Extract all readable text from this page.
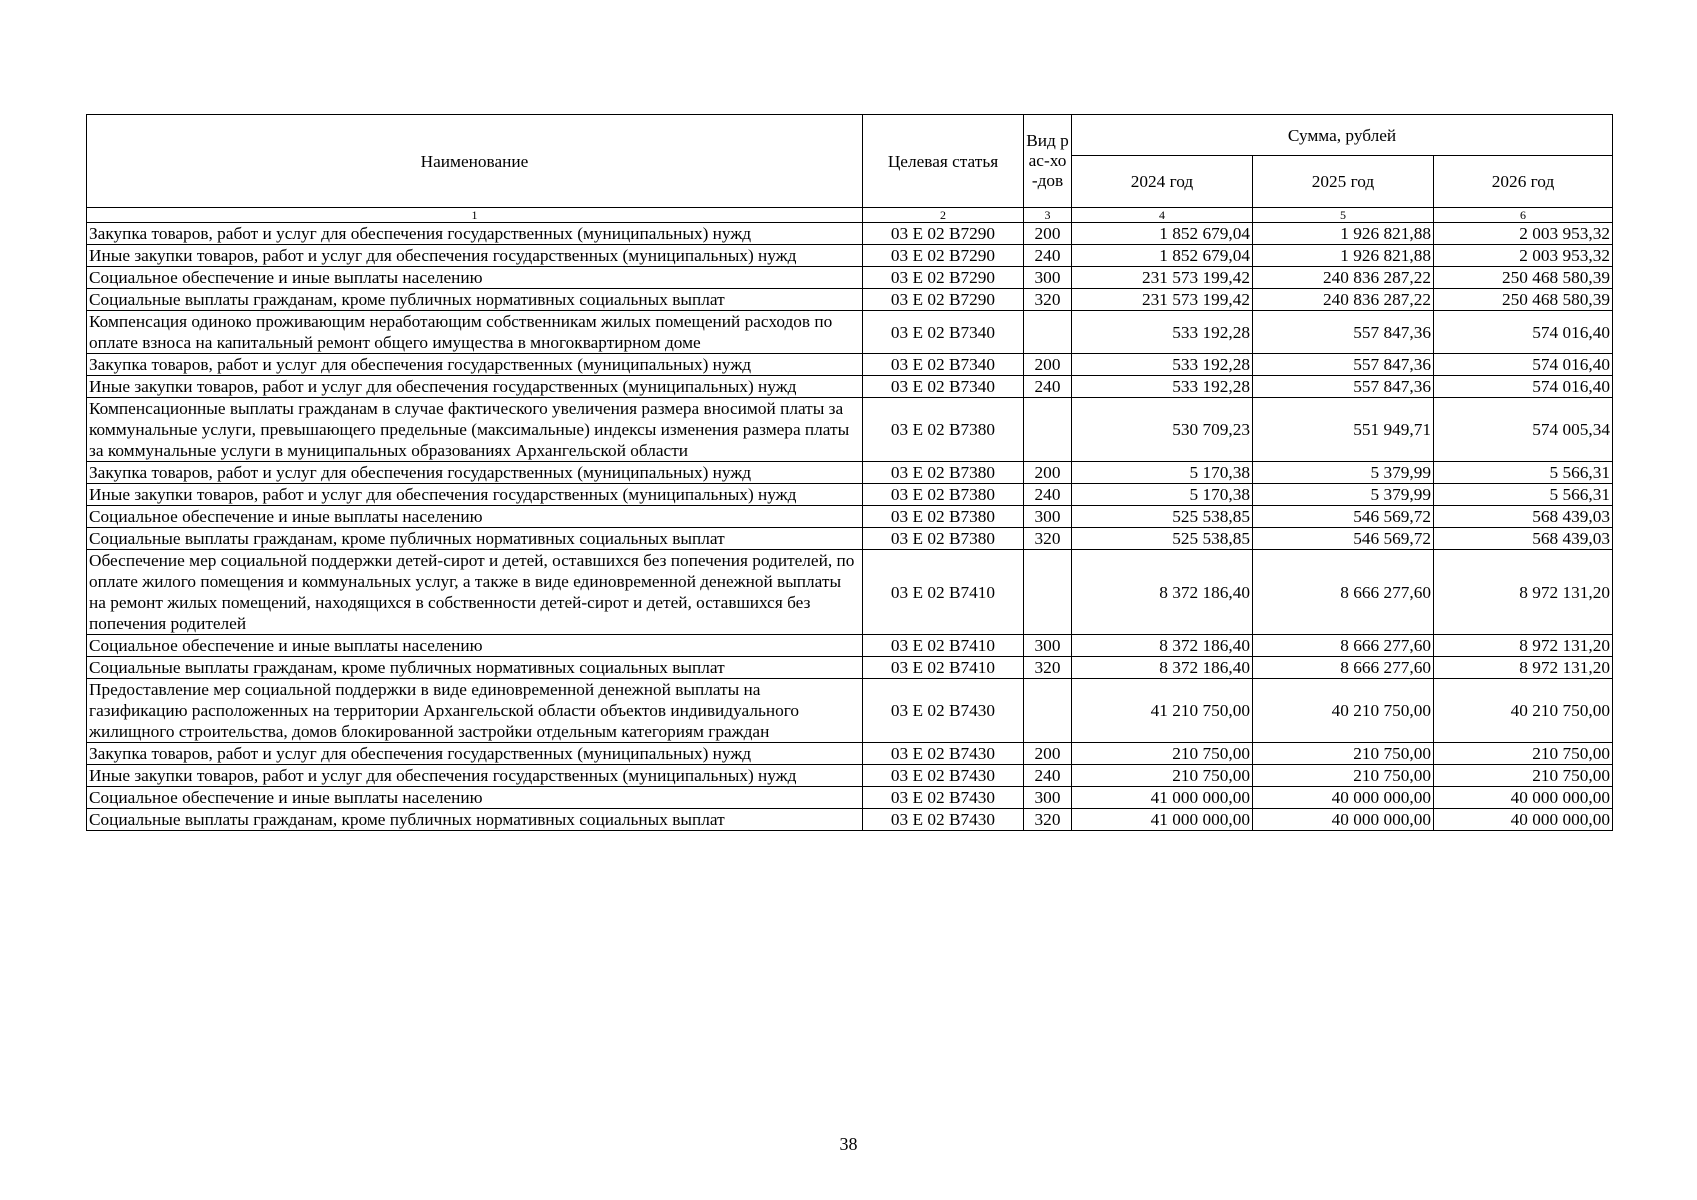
Наименование	Целевая статья	Вид рас-хо-дов	Сумма, рублей		
			2024 год	2025 год	2026 год
1	2	3	4	5	6
Закупка товаров, работ и услуг для обеспечения государственных (муниципальных) нужд	03 Е 02 В7290	200	1 852 679,04	1 926 821,88	2 003 953,32
Иные закупки товаров, работ и услуг для обеспечения государственных (муниципальных) нужд	03 Е 02 В7290	240	1 852 679,04	1 926 821,88	2 003 953,32
Социальное обеспечение и иные выплаты населению	03 Е 02 В7290	300	231 573 199,42	240 836 287,22	250 468 580,39
Социальные выплаты гражданам, кроме публичных нормативных социальных выплат	03 Е 02 В7290	320	231 573 199,42	240 836 287,22	250 468 580,39
Компенсация одиноко проживающим неработающим собственникам жилых помещений расходов по оплате взноса на капитальный ремонт общего имущества в многоквартирном доме	03 Е 02 В7340		533 192,28	557 847,36	574 016,40
Закупка товаров, работ и услуг для обеспечения государственных (муниципальных) нужд	03 Е 02 В7340	200	533 192,28	557 847,36	574 016,40
Иные закупки товаров, работ и услуг для обеспечения государственных (муниципальных) нужд	03 Е 02 В7340	240	533 192,28	557 847,36	574 016,40
Компенсационные выплаты гражданам в случае фактического увеличения размера вносимой платы за коммунальные услуги, превышающего предельные (максимальные) индексы изменения размера платы за коммунальные услуги в муниципальных образованиях Архангельской области	03 Е 02 В7380		530 709,23	551 949,71	574 005,34
Закупка товаров, работ и услуг для обеспечения государственных (муниципальных) нужд	03 Е 02 В7380	200	5 170,38	5 379,99	5 566,31
Иные закупки товаров, работ и услуг для обеспечения государственных (муниципальных) нужд	03 Е 02 В7380	240	5 170,38	5 379,99	5 566,31
Социальное обеспечение и иные выплаты населению	03 Е 02 В7380	300	525 538,85	546 569,72	568 439,03
Социальные выплаты гражданам, кроме публичных нормативных социальных выплат	03 Е 02 В7380	320	525 538,85	546 569,72	568 439,03
Обеспечение мер социальной поддержки детей-сирот и детей, оставшихся без попечения родителей, по оплате жилого помещения и коммунальных услуг, а также в виде единовременной денежной выплаты на ремонт жилых помещений, находящихся в собственности детей-сирот и детей, оставшихся без попечения родителей	03 Е 02 В7410		8 372 186,40	8 666 277,60	8 972 131,20
Социальное обеспечение и иные выплаты населению	03 Е 02 В7410	300	8 372 186,40	8 666 277,60	8 972 131,20
Социальные выплаты гражданам, кроме публичных нормативных социальных выплат	03 Е 02 В7410	320	8 372 186,40	8 666 277,60	8 972 131,20
Предоставление мер социальной поддержки в виде единовременной денежной выплаты на газификацию расположенных на территории Архангельской области объектов индивидуального жилищного строительства, домов блокированной застройки отдельным категориям граждан	03 Е 02 В7430		41 210 750,00	40 210 750,00	40 210 750,00
Закупка товаров, работ и услуг для обеспечения государственных (муниципальных) нужд	03 Е 02 В7430	200	210 750,00	210 750,00	210 750,00
Иные закупки товаров, работ и услуг для обеспечения государственных (муниципальных) нужд	03 Е 02 В7430	240	210 750,00	210 750,00	210 750,00
Социальное обеспечение и иные выплаты населению	03 Е 02 В7430	300	41 000 000,00	40 000 000,00	40 000 000,00
Социальные выплаты гражданам, кроме публичных нормативных социальных выплат	03 Е 02 В7430	320	41 000 000,00	40 000 000,00	40 000 000,00
38
